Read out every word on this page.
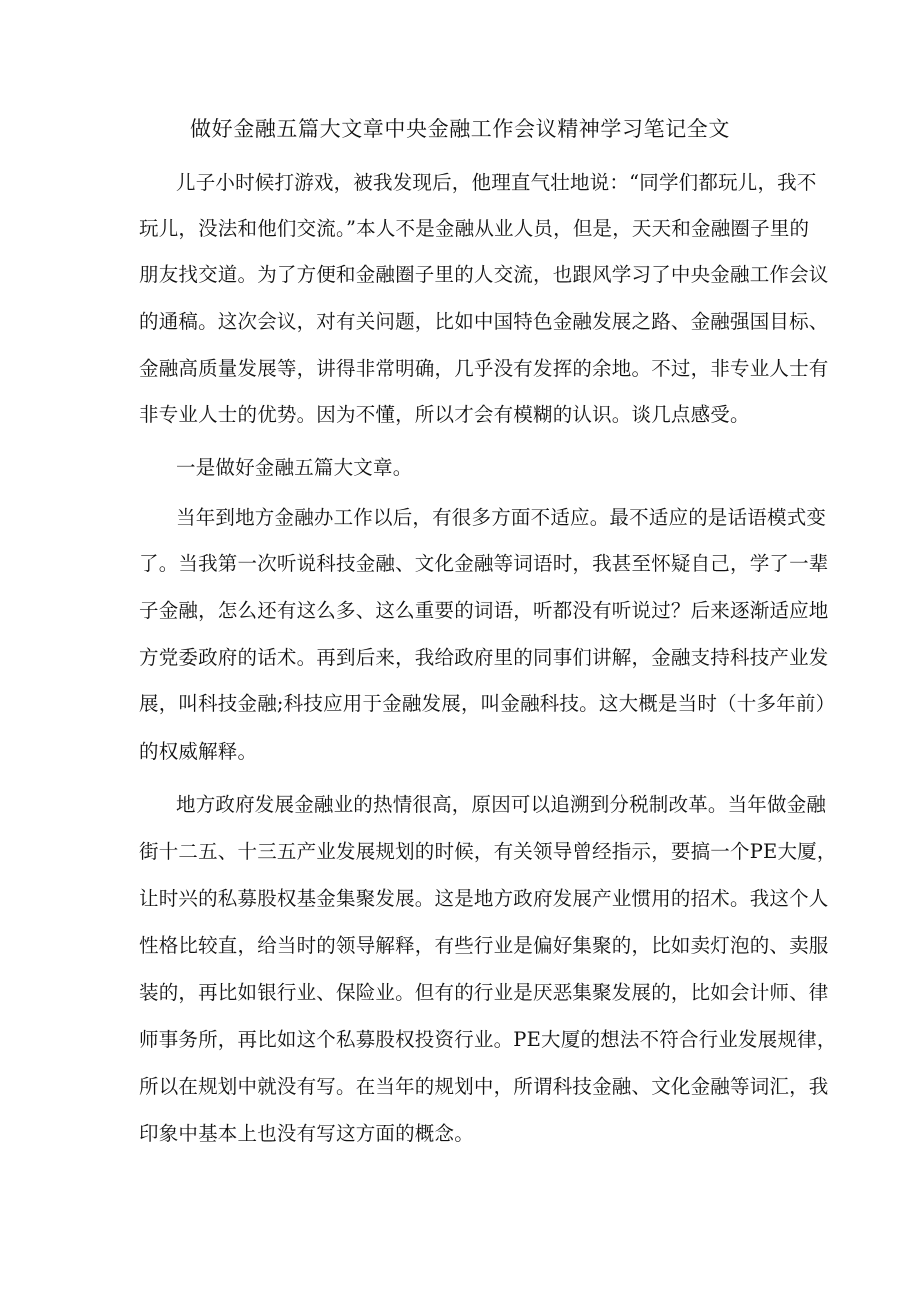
做好金融五篇大文章中央金融工作会议精神学习笔记全文
儿子小时候打游戏，被我发现后，他理直气壮地说：“同学们都玩儿，我不
玩儿，没法和他们交流。”本人不是金融从业人员，但是，天天和金融圈子里的
朋友找交道。为了方便和金融圈子里的人交流，也跟风学习了中央金融工作会议
的通稿。这次会议，对有关问题，比如中国特色金融发展之路、金融强国目标、
金融高质量发展等，讲得非常明确，几乎没有发挥的余地。不过，非专业人士有
非专业人士的优势。因为不懂，所以才会有模糊的认识。谈几点感受。
一是做好金融五篇大文章。
当年到地方金融办工作以后，有很多方面不适应。最不适应的是话语模式变
了。当我第一次听说科技金融、文化金融等词语时，我甚至怀疑自己，学了一辈
子金融，怎么还有这么多、这么重要的词语，听都没有听说过？后来逐渐适应地
方党委政府的话术。再到后来，我给政府里的同事们讲解，金融支持科技产业发
展，叫科技金融;科技应用于金融发展，叫金融科技。这大概是当时（十多年前）
的权威解释。
地方政府发展金融业的热情很高，原因可以追溯到分税制改革。当年做金融
街十二五、十三五产业发展规划的时候，有关领导曾经指示，要搞一个PE大厦，
让时兴的私募股权基金集聚发展。这是地方政府发展产业惯用的招术。我这个人
性格比较直，给当时的领导解释，有些行业是偏好集聚的，比如卖灯泡的、卖服
装的，再比如银行业、保险业。但有的行业是厌恶集聚发展的，比如会计师、律
师事务所，再比如这个私募股权投资行业。PE大厦的想法不符合行业发展规律，
所以在规划中就没有写。在当年的规划中，所谓科技金融、文化金融等词汇，我
印象中基本上也没有写这方面的概念。
